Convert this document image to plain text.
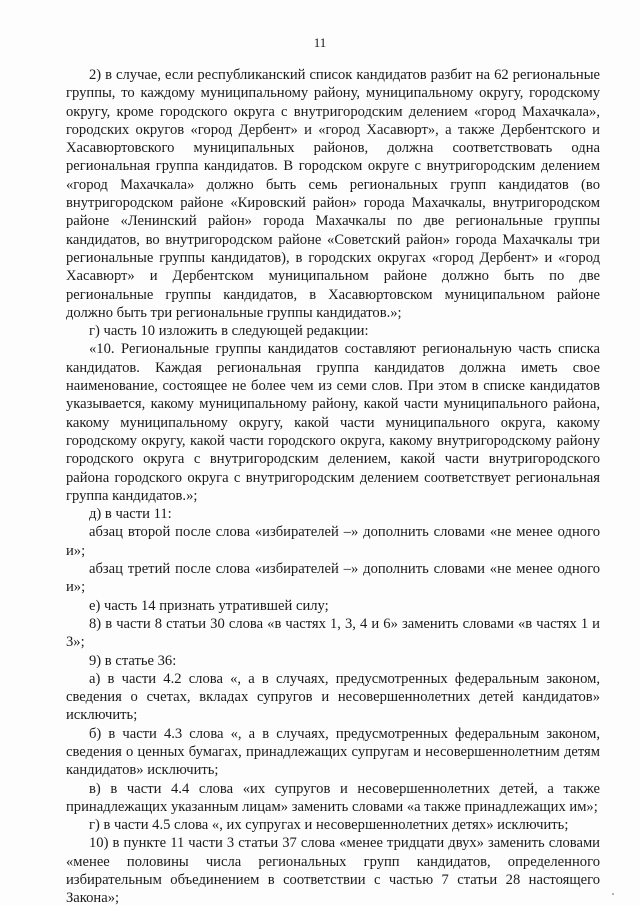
11

2) в случае, если республиканский список кандидатов разбит на 62 региональные группы, то каждому муниципальному району, муниципальному округу, городскому округу, кроме городского округа с внутригородским делением «город Махачкала», городских округов «город Дербент» и «город Хасавюрт», а также Дербентского и Хасавюртовского муниципальных районов, должна соответствовать одна региональная группа кандидатов. В городском округе с внутригородским делением «город Махачкала» должно быть семь региональных групп кандидатов (во внутригородском районе «Кировский район» города Махачкалы, внутригородском районе «Ленинский район» города Махачкалы по две региональные группы кандидатов, во внутригородском районе «Советский район» города Махачкалы три региональные группы кандидатов), в городских округах «город Дербент» и «город Хасавюрт» и Дербентском муниципальном районе должно быть по две региональные группы кандидатов, в Хасавюртовском муниципальном районе должно быть три региональные группы кандидатов.»;

г) часть 10 изложить в следующей редакции:

«10. Региональные группы кандидатов составляют региональную часть списка кандидатов. Каждая региональная группа кандидатов должна иметь свое наименование, состоящее не более чем из семи слов. При этом в списке кандидатов указывается, какому муниципальному району, какой части муниципального района, какому муниципальному округу, какой части муниципального округа, какому городскому округу, какой части городского округа, какому внутригородскому району городского округа с внутригородским делением, какой части внутригородского района городского округа с внутригородским делением соответствует региональная группа кандидатов.»;

д) в части 11:

абзац второй после слова «избирателей –» дополнить словами «не менее одного и»;

абзац третий после слова «избирателей –» дополнить словами «не менее одного и»;

е) часть 14 признать утратившей силу;

8) в части 8 статьи 30 слова «в частях 1, 3, 4 и 6» заменить словами «в частях 1 и 3»;

9) в статье 36:

а) в части 4.2 слова «, а в случаях, предусмотренных федеральным законом, сведения о счетах, вкладах супругов и несовершеннолетних детей кандидатов» исключить;

б) в части 4.3 слова «, а в случаях, предусмотренных федеральным законом, сведения о ценных бумагах, принадлежащих супругам и несовершеннолетним детям кандидатов» исключить;

в) в части 4.4 слова «их супругов и несовершеннолетних детей, а также принадлежащих указанным лицам» заменить словами «а также принадлежащих им»;

г) в части 4.5 слова «, их супругах и несовершеннолетних детях» исключить;

10) в пункте 11 части 3 статьи 37 слова «менее тридцати двух» заменить словами «менее половины числа региональных групп кандидатов, определенного избирательным объединением в соответствии с частью 7 статьи 28 настоящего Закона»;
